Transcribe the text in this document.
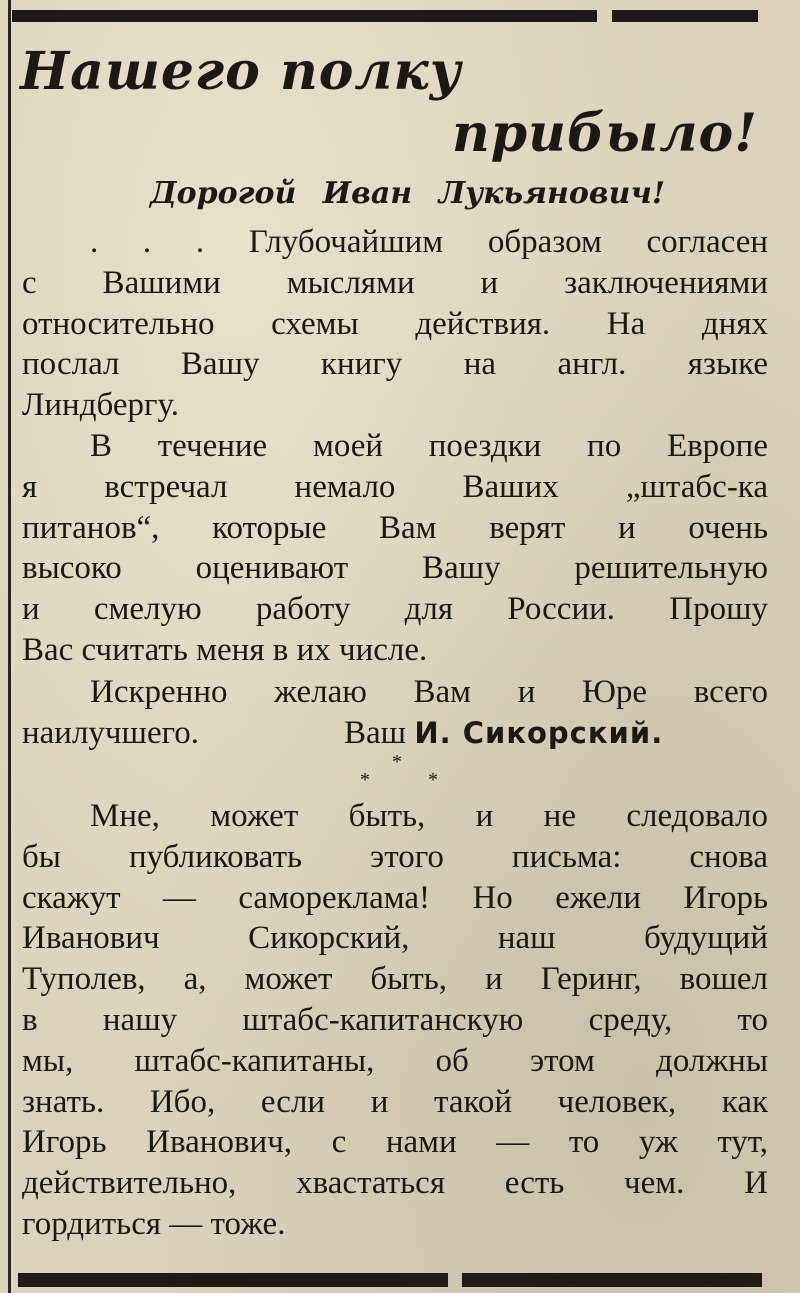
Нашего полку
прибыло!
Дорогой Иван Лукьянович!
. . . Глубочайшим образом согласен
с Вашими мыслями и заключениями
относительно схемы действия. На днях
послал Вашу книгу на англ. языке
Линдбергу.
В течение моей поездки по Европе
я встречал немало Ваших „штабс-ка
питанов“, которые Вам верят и очень
высоко оценивают Вашу решительную
и смелую работу для России. Прошу
Вас считать меня в их числе.
Искренно желаю Вам и Юре всего
наилучшего.	Ваш И. Сикорский.
*
*	*
Мне, может быть, и не следовало
бы публиковать этого письма: снова
скажут — самореклама! Но ежели Игорь
Иванович Сикорский, наш будущий
Туполев, а, может быть, и Геринг, вошел
в нашу штабс-капитанскую среду, то
мы, штабс-капитаны, об этом должны
знать. Ибо, если и такой человек, как
Игорь Иванович, с нами — то уж тут,
действительно, хвастаться есть чем. И
гордиться — тоже.
